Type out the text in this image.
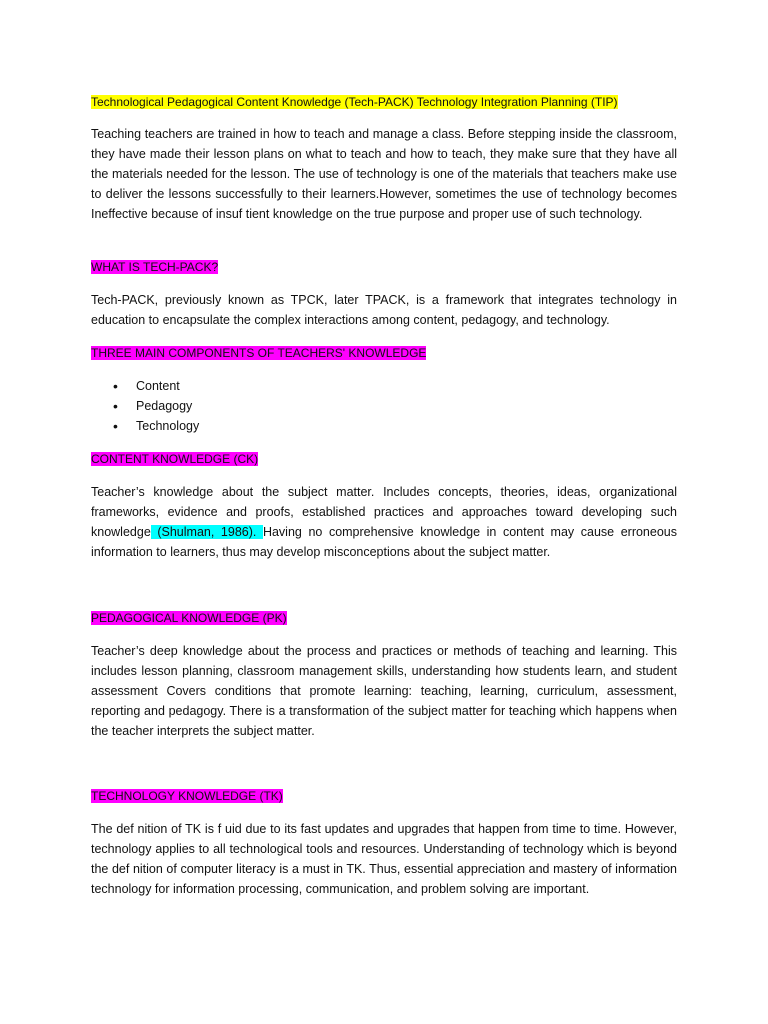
Technological Pedagogical Content Knowledge (Tech-PACK) Technology Integration Planning (TIP)

Teaching teachers are trained in how to teach and manage a class. Before stepping inside the classroom, they have made their lesson plans on what to teach and how to teach, they make sure that they have all the materials needed for the lesson. The use of technology is one of the materials that teachers make use to deliver the lessons successfully to their learners.However, sometimes the use of technology becomes Ineffective because of insuf tient knowledge on the true purpose and proper use of such technology.

WHAT IS TECH-PACK?

Tech-PACK, previously known as TPCK, later TPACK, is a framework that integrates technology in education to encapsulate the complex interactions among content, pedagogy, and technology.

THREE MAIN COMPONENTS OF TEACHERS' KNOWLEDGE

• Content
• Pedagogy
• Technology

CONTENT KNOWLEDGE (CK)

Teacher’s knowledge about the subject matter. Includes concepts, theories, ideas, organizational frameworks, evidence and proofs, established practices and approaches toward developing such knowledge (Shulman, 1986). Having no comprehensive knowledge in content may cause erroneous information to learners, thus may develop misconceptions about the subject matter.

PEDAGOGICAL KNOWLEDGE (PK)

Teacher’s deep knowledge about the process and practices or methods of teaching and learning. This includes lesson planning, classroom management skills, understanding how students learn, and student assessment Covers conditions that promote learning: teaching, learning, curriculum, assessment, reporting and pedagogy. There is a transformation of the subject matter for teaching which happens when the teacher interprets the subject matter.

TECHNOLOGY KNOWLEDGE (TK)

The def nition of TK is f uid due to its fast updates and upgrades that happen from time to time. However, technology applies to all technological tools and resources. Understanding of technology which is beyond the def nition of computer literacy is a must in TK. Thus, essential appreciation and mastery of information technology for information processing, communication, and problem solving are important.
